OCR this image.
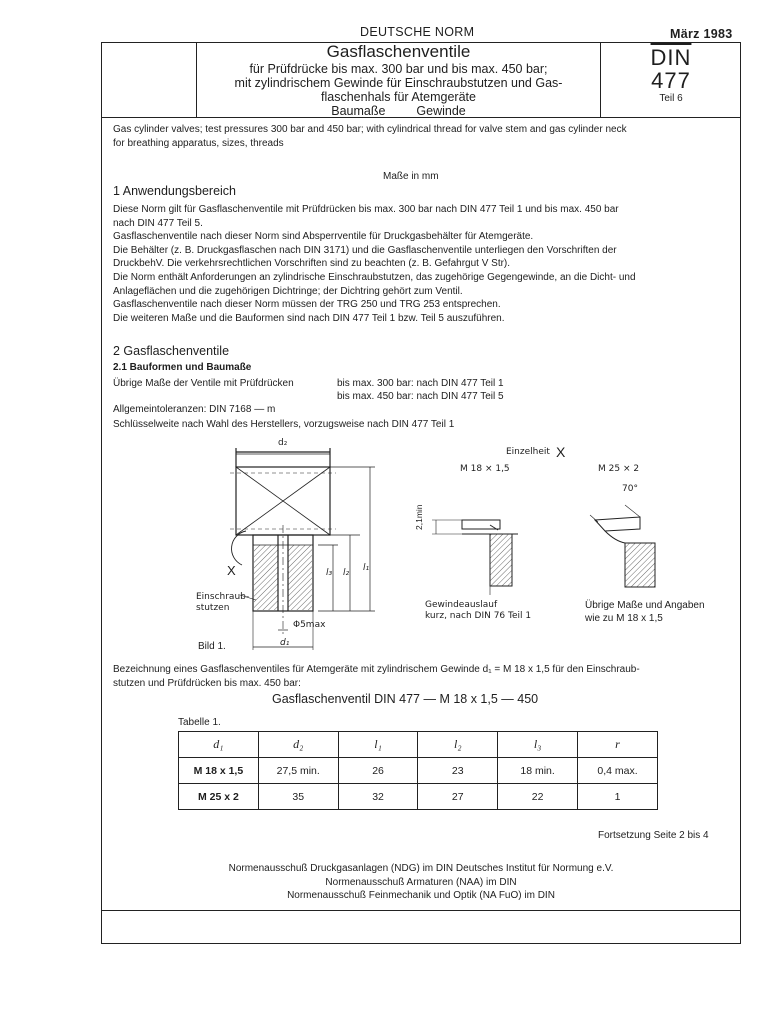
DEUTSCHE NORM	März 1983
Gasflaschenventile
für Prüfdrücke bis max. 300 bar und bis max. 450 bar;
mit zylindrischem Gewinde für Einschraubstutzen und Gas-
flaschenhals für Atemgeräte
Baumaße Gewinde
$\overline{DIN}$
477
Teil 6
Gas cylinder valves; test pressures 300 bar and 450 bar; with cylindrical thread for valve stem and gas cylinder neck
for breathing apparatus, sizes, threads
Maße in mm
1 Anwendungsbereich
Diese Norm gilt für Gasflaschenventile mit Prüfdrücken bis max. 300 bar nach DIN 477 Teil 1 und bis max. 450 bar
nach DIN 477 Teil 5.
Gasflaschenventile nach dieser Norm sind Absperrventile für Druckgasbehälter für Atemgeräte.
Die Behälter (z. B. Druckgasflaschen nach DIN 3171) und die Gasflaschenventile unterliegen den Vorschriften der
DruckbehV. Die verkehrsrechtlichen Vorschriften sind zu beachten (z. B. Gefahrgut V Str).
Die Norm enthält Anforderungen an zylindrische Einschraubstutzen, das zugehörige Gegengewinde, an die Dicht- und
Anlageflächen und die zugehörigen Dichtringe; der Dichtring gehört zum Ventil.
Gasflaschenventile nach dieser Norm müssen der TRG 250 und TRG 253 entsprechen.
Die weiteren Maße und die Bauformen sind nach DIN 477 Teil 1 bzw. Teil 5 auszuführen.
2 Gasflaschenventile
2.1 Bauformen und Baumaße
Übrige Maße der Ventile mit Prüfdrücken	bis max. 300 bar: nach DIN 477 Teil 1
bis max. 450 bar: nach DIN 477 Teil 5
Allgemeintoleranzen: DIN 7168 — m
Schlüsselweite nach Wahl des Herstellers, vorzugsweise nach DIN 477 Teil 1
d₂
Einzelheit X
M 18 × 1,5	M 25 × 2
70°
2,1min
X	l₃ l₂ l₁
Einschraub-
stutzen
Φ5max
d₁
Bild 1.
Gewindeauslauf
kurz, nach DIN 76 Teil 1
Übrige Maße und Angaben
wie zu M 18 x 1,5
Bezeichnung eines Gasflaschenventiles für Atemgeräte mit zylindrischem Gewinde d₁ = M 18 x 1,5 für den Einschraub-
stutzen und Prüfdrücken bis max. 450 bar:
Gasflaschenventil DIN 477 — M 18 x 1,5 — 450
Tabelle 1.
d₁	d₂	l₁	l₂	l₃	r
M 18 x 1,5	27,5 min.	26	23	18 min.	0,4 max.
M 25 x 2	35	32	27	22	1
Fortsetzung Seite 2 bis 4
Normenausschuß Druckgasanlagen (NDG) im DIN Deutsches Institut für Normung e.V.
Normenausschuß Armaturen (NAA) im DIN
Normenausschuß Feinmechanik und Optik (NA FuO) im DIN
